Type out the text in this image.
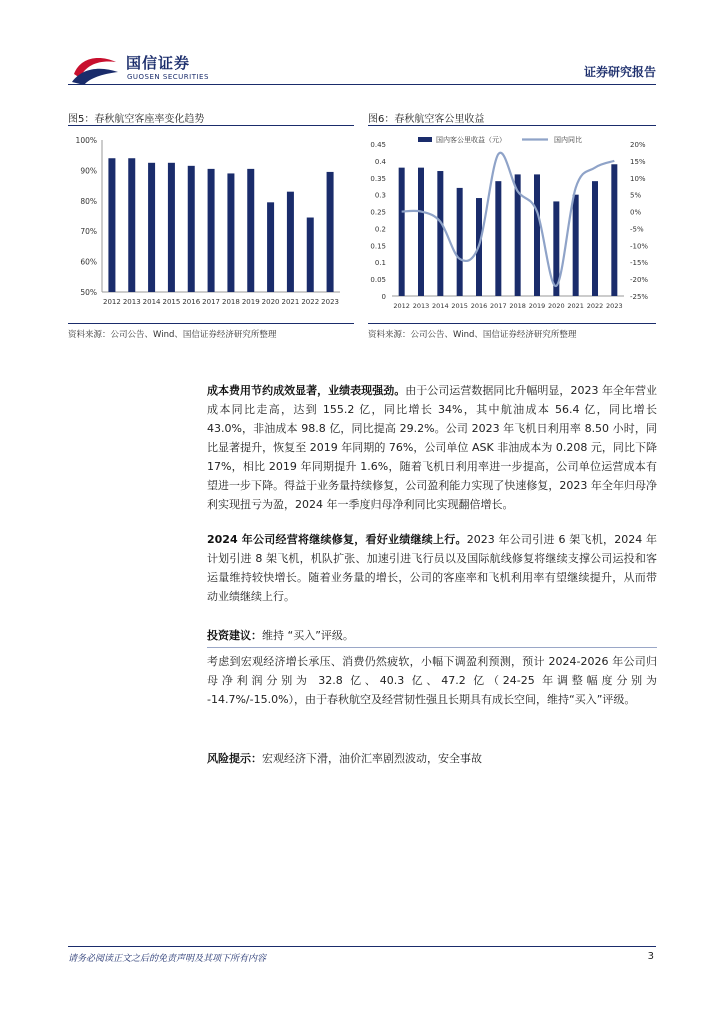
国信证券
GUOSEN SECURITIES	证券研究报告
图5：春秋航空客座率变化趋势
50%
60%
70%
80%
90%
100%
2012 2013 2014 2015 2016 2017 2018 2019 2020 2021 2022 2023
资料来源：公司公告、Wind、国信证券经济研究所整理
图6：春秋航空客公里收益
0
0.05
0.1
0.15
0.2
0.25
0.3
0.35
0.4
0.45
-25%
-20%
-15%
-10%
-5%
0%
5%
10%
15%
20%
2012 2013 2014 2015 2016 2017 2018 2019 2020 2021 2022 2023
国内客公里收益（元）	国内同比
资料来源：公司公告、Wind、国信证券经济研究所整理
成本费用节约成效显著，业绩表现强劲。由于公司运营数据同比升幅明显，2023 年全年营业成本同比走高，达到 155.2 亿，同比增长 34%，其中航油成本 56.4 亿，同比增长 43.0%，非油成本 98.8 亿，同比提高 29.2%。公司 2023 年飞机日利用率 8.50 小时，同比显著提升，恢复至 2019 年同期的 76%，公司单位 ASK 非油成本为 0.208 元，同比下降 17%，相比 2019 年同期提升 1.6%，随着飞机日利用率进一步提高，公司单位运营成本有望进一步下降。得益于业务量持续修复，公司盈利能力实现了快速修复，2023 年全年归母净利实现扭亏为盈，2024 年一季度归母净利同比实现翻倍增长。
2024 年公司经营将继续修复，看好业绩继续上行。2023 年公司引进 6 架飞机，2024 年计划引进 8 架飞机，机队扩张、加速引进飞行员以及国际航线修复将继续支撑公司运投和客运量维持较快增长。随着业务量的增长，公司的客座率和飞机利用率有望继续提升，从而带动业绩继续上行。
投资建议：维持 “买入”评级。
考虑到宏观经济增长承压、消费仍然疲软，小幅下调盈利预测，预计 2024-2026 年公司归母净利润分别为 32.8 亿、40.3 亿、47.2 亿（24-25 年调整幅度分别为 -14.7%/-15.0%），由于春秋航空及经营韧性强且长期具有成长空间，维持“买入”评级。
风险提示：宏观经济下滑，油价汇率剧烈波动，安全事故
请务必阅读正文之后的免责声明及其项下所有内容	3
